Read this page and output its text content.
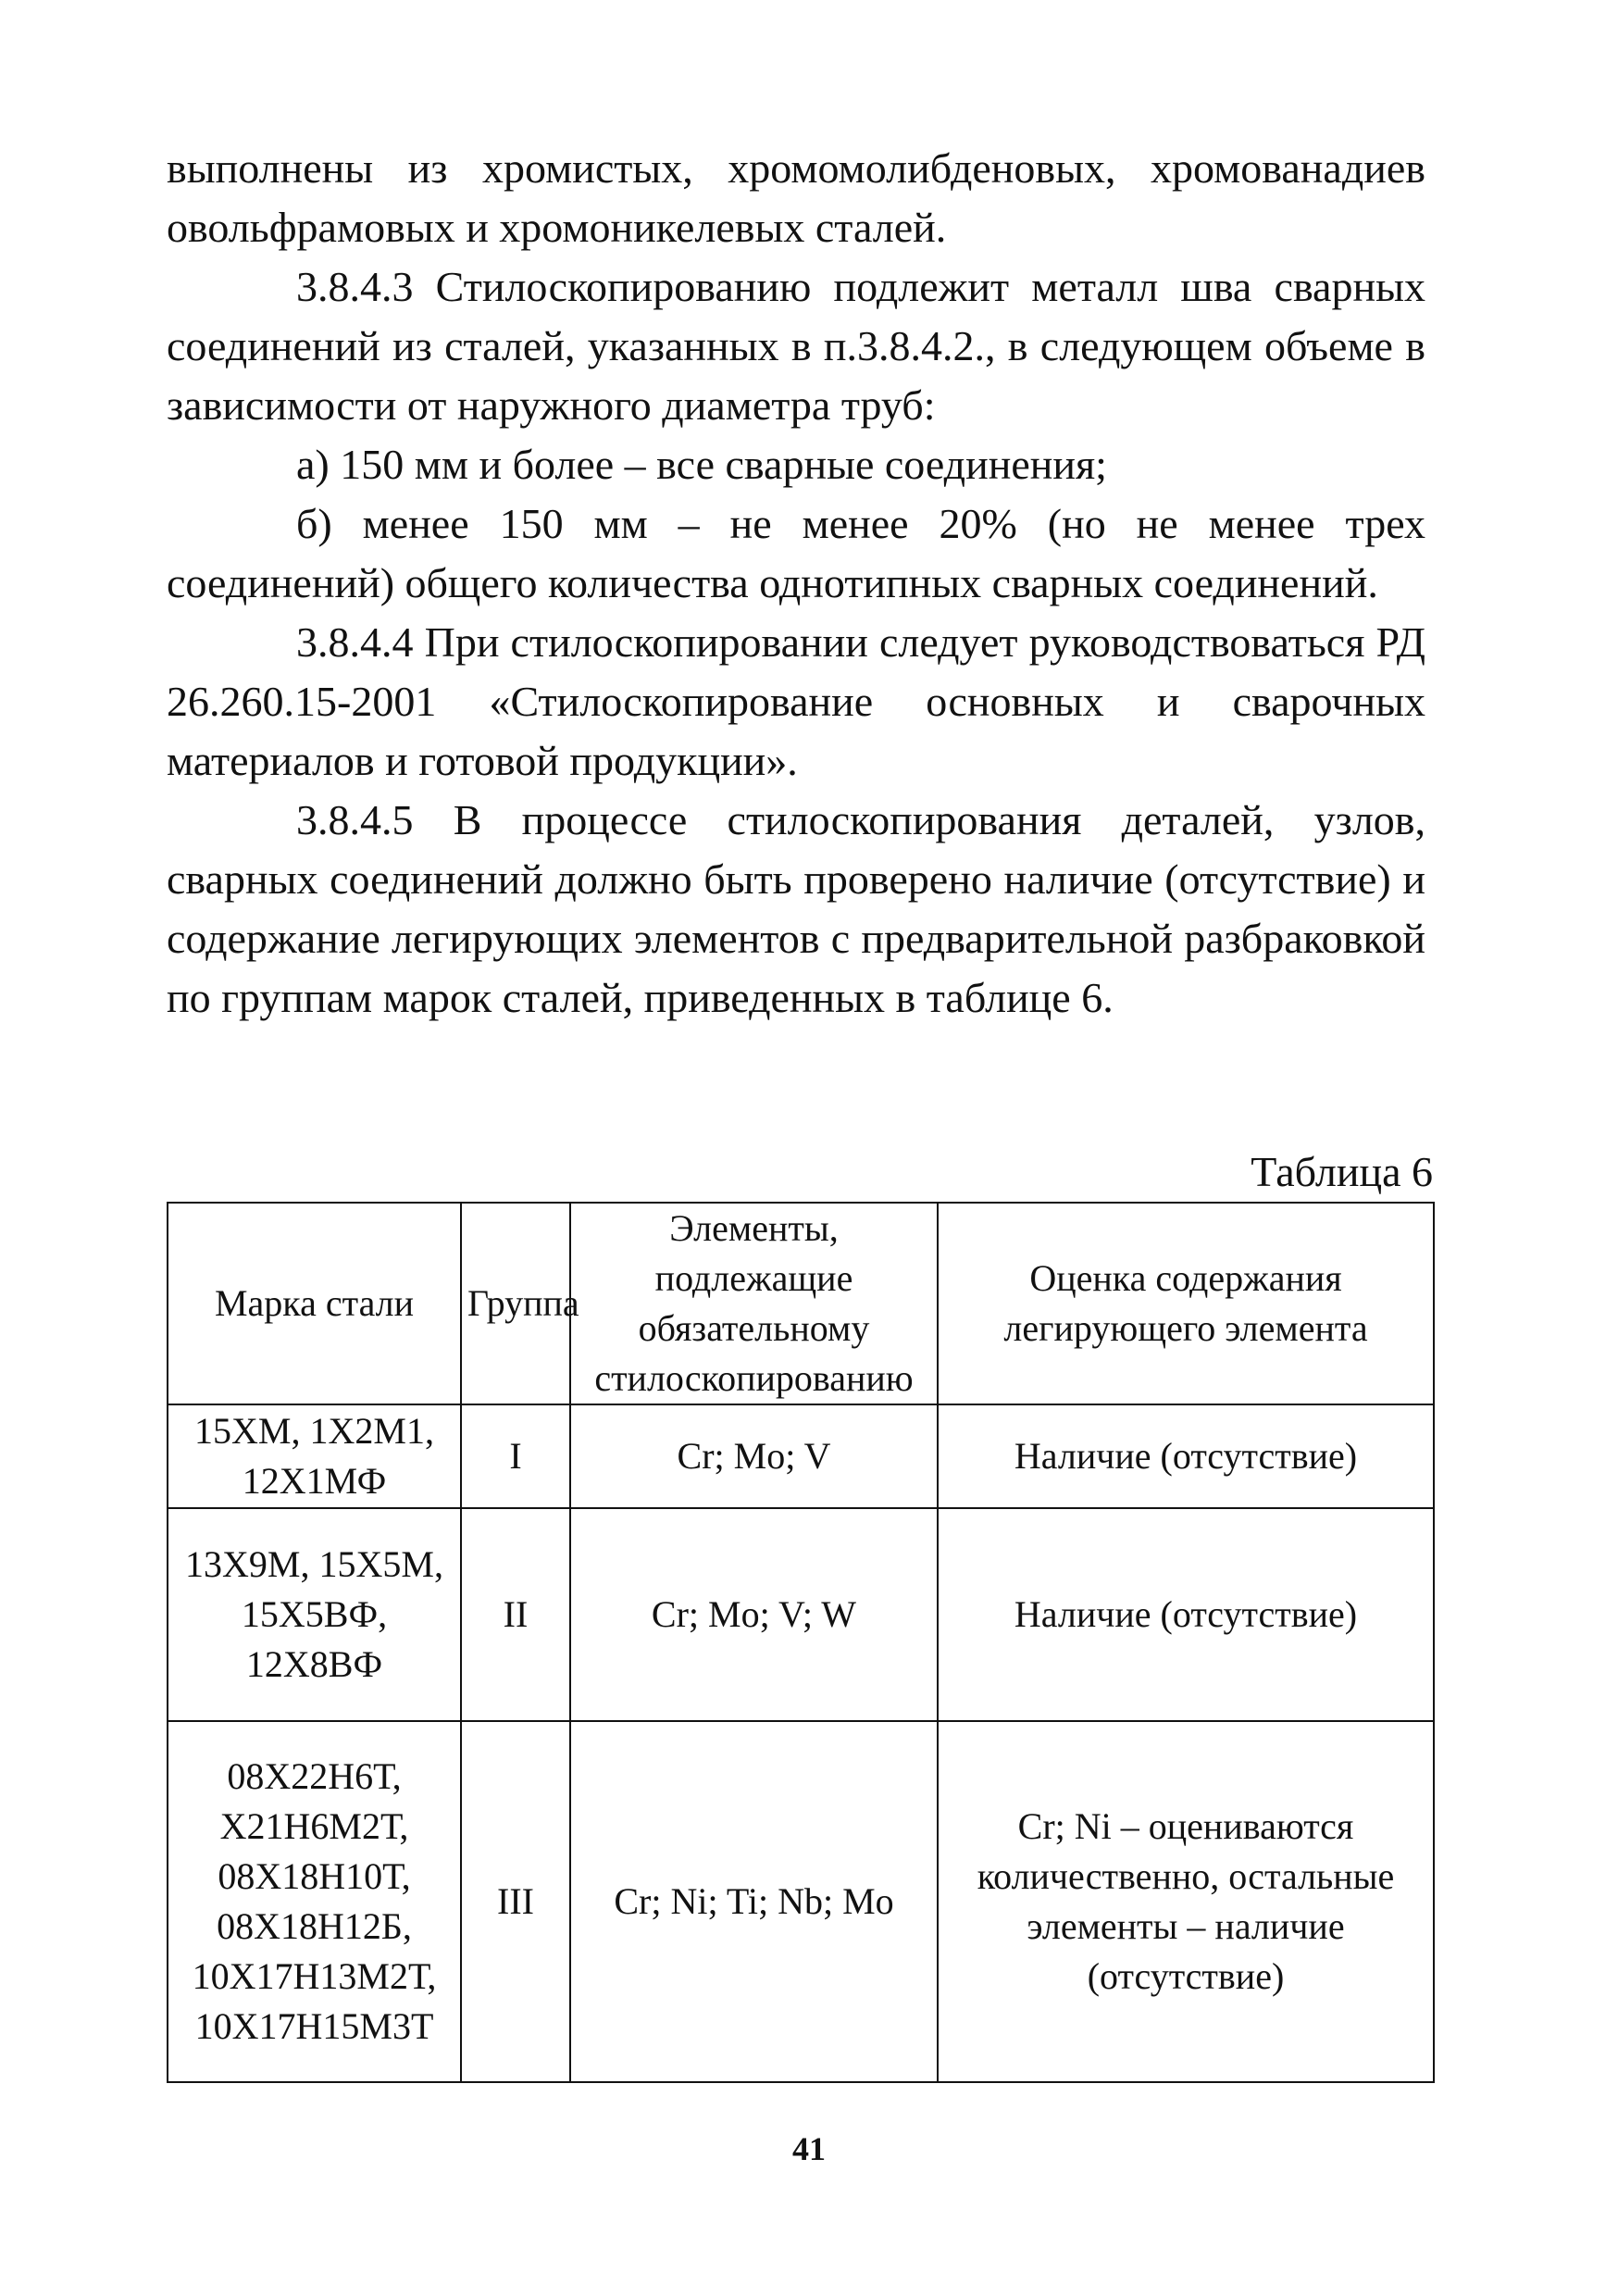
выполнены из хромистых, хромомолибденовых, хромованадиев овольфрамовых и хромоникелевых сталей.

3.8.4.3 Стилоскопированию подлежит металл шва сварных соединений из сталей, указанных в п.3.8.4.2., в следующем объеме в зависимости от наружного диаметра труб:

а) 150 мм и более – все сварные соединения;

б) менее 150 мм – не менее 20% (но не менее трех соединений) общего количества однотипных сварных соединений.

3.8.4.4 При стилоскопировании следует руководствоваться РД 26.260.15-2001 «Стилоскопирование основных и сварочных материалов и готовой продукции».

3.8.4.5 В процессе стилоскопирования деталей, узлов, сварных соединений должно быть проверено наличие (отсутствие) и содержание легирующих элементов с предварительной разбраковкой по группам марок сталей, приведенных в таблице 6.

Таблица 6
Марка стали	Группа	Элементы, подлежащие обязательному стилоскопированию	Оценка содержания легирующего элемента
15ХМ, 1Х2М1, 12Х1МФ	I	Cr; Mo; V	Наличие (отсутствие)
13Х9М, 15Х5М, 15Х5ВФ, 12Х8ВФ	II	Cr; Mo; V; W	Наличие (отсутствие)
08Х22Н6Т, Х21Н6М2Т, 08Х18Н10Т, 08Х18Н12Б, 10Х17Н13М2Т, 10Х17Н15М3Т	III	Cr; Ni; Ti; Nb; Mo	Cr; Ni – оцениваются количественно, остальные элементы – наличие (отсутствие)
41
